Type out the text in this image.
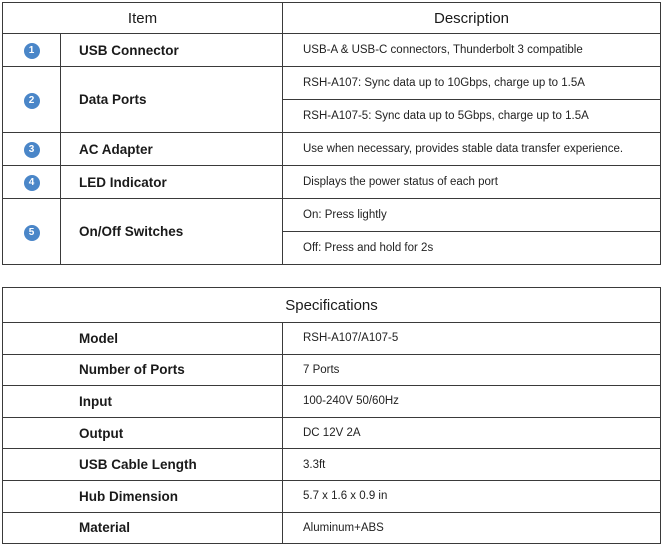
Item		Description
1	USB Connector	USB-A & USB-C connectors, Thunderbolt 3 compatible
2	Data Ports	RSH-A107: Sync data up to 10Gbps, charge up to 1.5A
		RSH-A107-5: Sync data up to 5Gbps, charge up to 1.5A
3	AC Adapter	Use when necessary, provides stable data transfer experience.
4	LED Indicator	Displays the power status of each port
5	On/Off Switches	On: Press lightly
		Off: Press and hold for 2s
Specifications	
Model	RSH-A107/A107-5
Number of Ports	7 Ports
Input	100-240V 50/60Hz
Output	DC 12V 2A
USB Cable Length	3.3ft
Hub Dimension	5.7 x 1.6 x 0.9 in
Material	Aluminum+ABS
